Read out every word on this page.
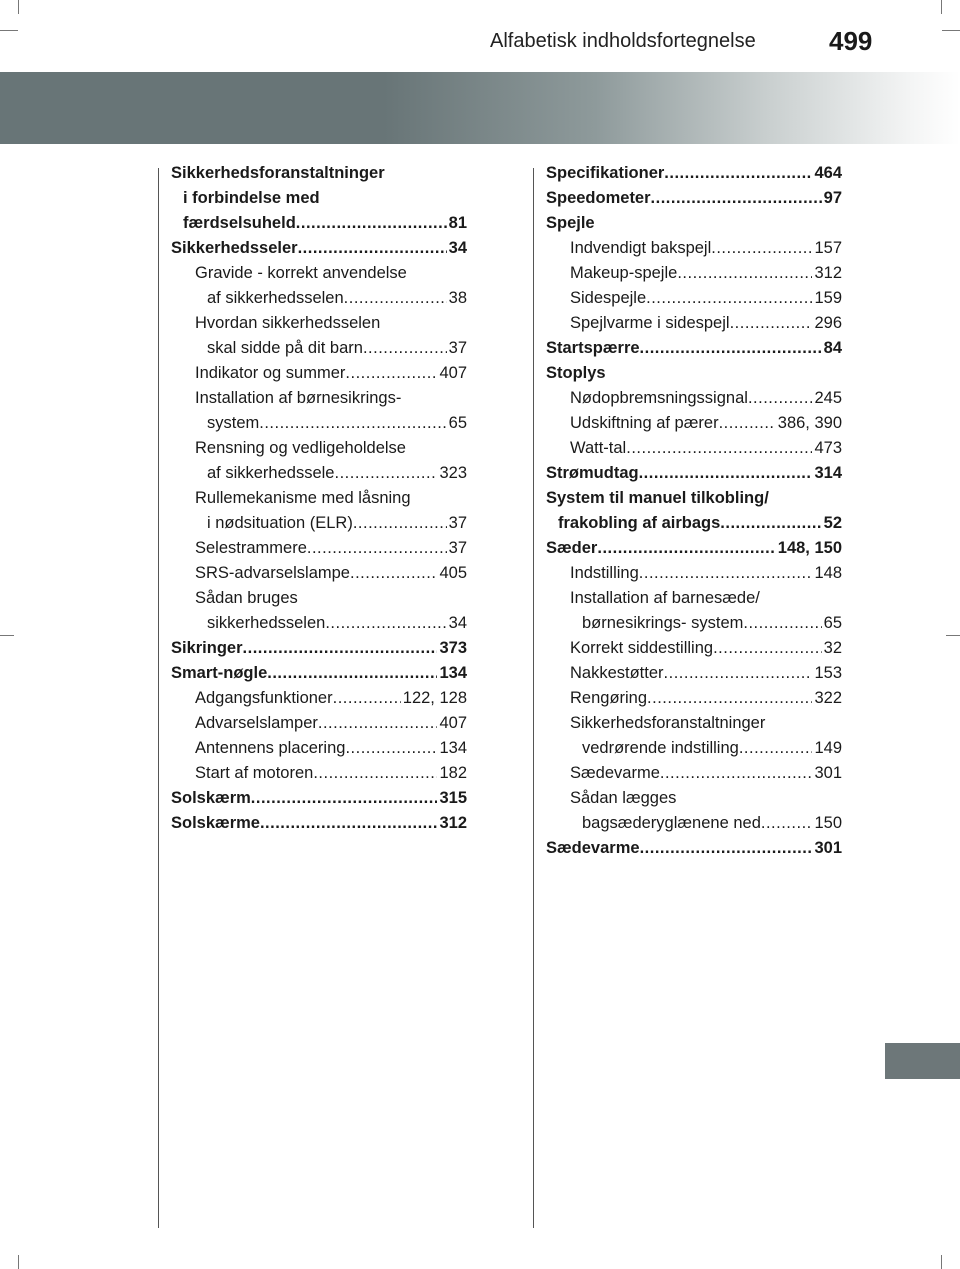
Alfabetisk indholdsfortegnelse	499
Sikkerhedsforanstaltninger
i forbindelse med
færdselsuheld .....	81
Sikkerhedsseler .....	34
Gravide - korrekt anvendelse
af sikkerhedsselen .....	38
Hvordan sikkerhedsselen
skal sidde på dit barn .....	37
Indikator og summer .....	407
Installation af børnesikrings-
system .....	65
Rensning og vedligeholdelse
af sikkerhedssele .....	323
Rullemekanisme med låsning
i nødsituation (ELR) .....	37
Selestrammere .....	37
SRS-advarselslampe .....	405
Sådan bruges
sikkerhedsselen .....	34
Sikringer .....	373
Smart-nøgle .....	134
Adgangsfunktioner .....	122, 128
Advarselslamper .....	407
Antennens placering .....	134
Start af motoren .....	182
Solskærm .....	315
Solskærme .....	312
Specifikationer .....	464
Speedometer .....	97
Spejle
Indvendigt bakspejl .....	157
Makeup-spejle .....	312
Sidespejle .....	159
Spejlvarme i sidespejl .....	296
Startspærre .....	84
Stoplys
Nødopbremsningssignal .....	245
Udskiftning af pærer .....	386, 390
Watt-tal .....	473
Strømudtag .....	314
System til manuel tilkobling/
frakobling af airbags .....	52
Sæder .....	148, 150
Indstilling .....	148
Installation af barnesæde/
børnesikrings- system .....	65
Korrekt siddestilling .....	32
Nakkestøtter .....	153
Rengøring .....	322
Sikkerhedsforanstaltninger
vedrørende indstilling .....	149
Sædevarme .....	301
Sådan lægges
bagsæderyglænene ned .....	150
Sædevarme .....	301
